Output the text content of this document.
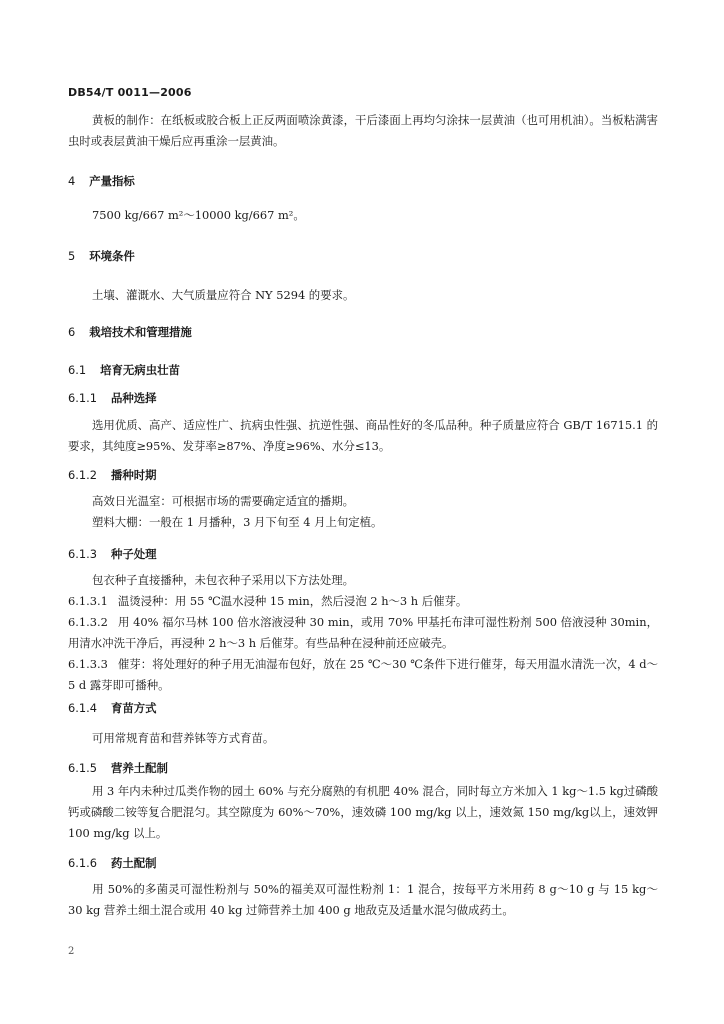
DB54/T 0011—2006
黄板的制作：在纸板或胶合板上正反两面喷涂黄漆，干后漆面上再均匀涂抹一层黄油（也可用机油）。当板粘满害虫时或表层黄油干燥后应再重涂一层黄油。
4 产量指标
7500 kg/667 m²～10000 kg/667 m²。
5 环境条件
土壤、灌溉水、大气质量应符合 NY 5294 的要求。
6 栽培技术和管理措施
6.1 培育无病虫壮苗
6.1.1 品种选择
选用优质、高产、适应性广、抗病虫性强、抗逆性强、商品性好的冬瓜品种。种子质量应符合 GB/T 16715.1 的要求，其纯度≥95%、发芽率≥87%、净度≥96%、水分≤13。
6.1.2 播种时期
高效日光温室：可根据市场的需要确定适宜的播期。
塑料大棚：一般在 1 月播种，3 月下旬至 4 月上旬定植。
6.1.3 种子处理
包衣种子直接播种，未包衣种子采用以下方法处理。
6.1.3.1 温烫浸种：用 55 ℃温水浸种 15 min，然后浸泡 2 h～3 h 后催芽。
6.1.3.2 用 40% 福尔马林 100 倍水溶液浸种 30 min，或用 70% 甲基托布津可湿性粉剂 500 倍液浸种 30min，用清水冲洗干净后，再浸种 2 h～3 h 后催芽。有些品种在浸种前还应破壳。
6.1.3.3 催芽：将处理好的种子用无油湿布包好，放在 25 ℃～30 ℃条件下进行催芽，每天用温水清洗一次，4 d～5 d 露芽即可播种。
6.1.4 育苗方式
可用常规育苗和营养钵等方式育苗。
6.1.5 营养土配制
用 3 年内未种过瓜类作物的园土 60% 与充分腐熟的有机肥 40% 混合，同时每立方米加入 1 kg～1.5 kg过磷酸钙或磷酸二铵等复合肥混匀。其空隙度为 60%～70%，速效磷 100 mg/kg 以上，速效氮 150 mg/kg以上，速效钾 100 mg/kg 以上。
6.1.6 药土配制
用 50%的多菌灵可湿性粉剂与 50%的福美双可湿性粉剂 1：1 混合，按每平方米用药 8 g～10 g 与 15 kg～30 kg 营养土细土混合或用 40 kg 过筛营养土加 400 g 地敌克及适量水混匀做成药土。
2
